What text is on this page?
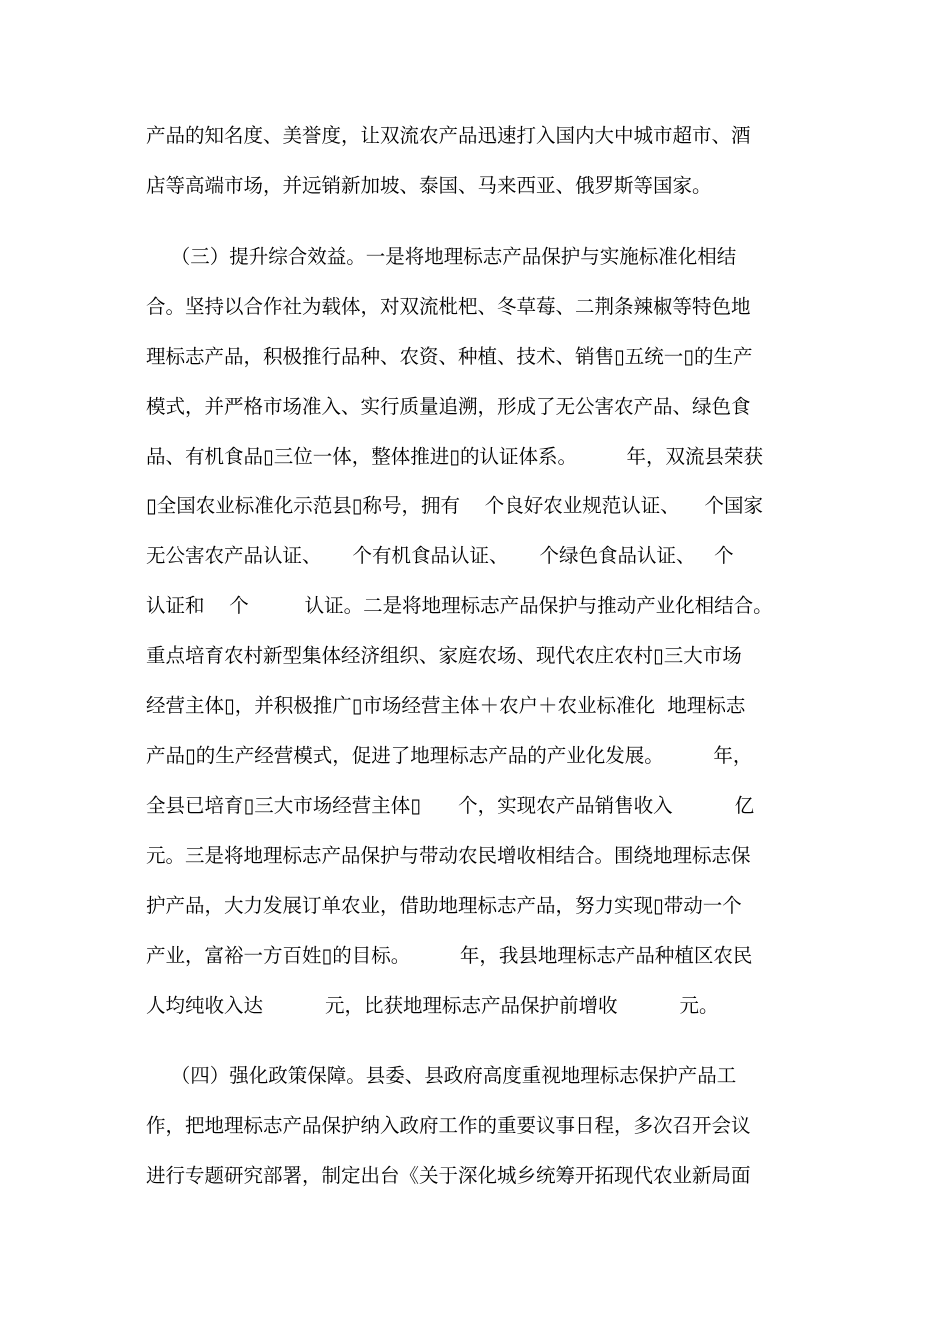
产品的知名度、美誉度，让双流农产品迅速打入国内大中城市超市、酒
店等高端市场，并远销新加坡、泰国、马来西亚、俄罗斯等国家。
（三）提升综合效益。一是将地理标志产品保护与实施标准化相结
合。坚持以合作社为载体，对双流枇杷、冬草莓、二荆条辣椒等特色地
理标志产品，积极推行品种、农资、种植、技术、销售▯五统一▯的生产
模式，并严格市场准入、实行质量追溯，形成了无公害农产品、绿色食
品、有机食品▯三位一体，整体推进▯的认证体系。        年，双流县荣获
▯全国农业标准化示范县▯称号，拥有    个良好农业规范认证、    个国家
无公害农产品认证、     个有机食品认证、     个绿色食品认证、   个
认证和    个         认证。二是将地理标志产品保护与推动产业化相结合。
重点培育农村新型集体经济组织、家庭农场、现代农庄农村▯三大市场
经营主体▯，并积极推广▯市场经营主体＋农户＋农业标准化  地理标志
产品▯的生产经营模式，促进了地理标志产品的产业化发展。        年，
全县已培育▯三大市场经营主体▯      个，实现农产品销售收入          亿
元。三是将地理标志产品保护与带动农民增收相结合。围绕地理标志保
护产品，大力发展订单农业，借助地理标志产品，努力实现▯带动一个
产业，富裕一方百姓▯的目标。        年，我县地理标志产品种植区农民
人均纯收入达          元，比获地理标志产品保护前增收          元。
（四）强化政策保障。县委、县政府高度重视地理标志保护产品工
作，把地理标志产品保护纳入政府工作的重要议事日程，多次召开会议
进行专题研究部署，制定出台《关于深化城乡统筹开拓现代农业新局面
